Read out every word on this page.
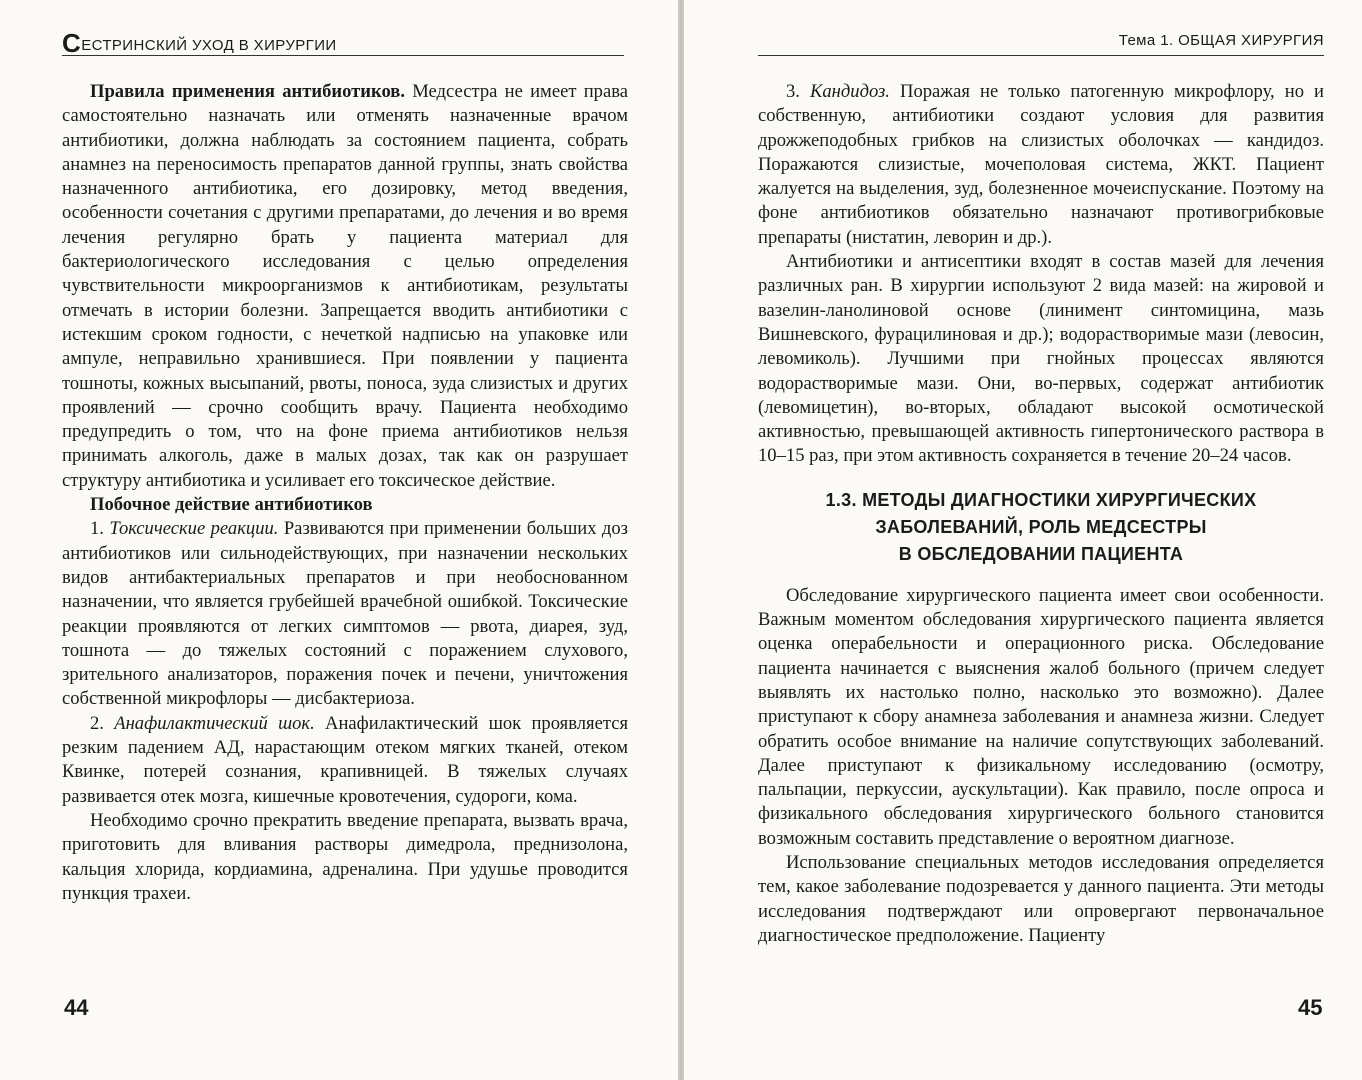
СЕСТРИНСКИЙ УХОД В ХИРУРГИИ

Правила применения антибиотиков. Медсестра не имеет права самостоятельно назначать или отменять назначенные врачом антибиотики, должна наблюдать за состоянием пациента, собрать анамнез на переносимость препаратов данной группы, знать свойства назначенного антибиотика, его дозировку, метод введения, особенности сочетания с другими препаратами, до лечения и во время лечения регулярно брать у пациента материал для бактериологического исследования с целью определения чувствительности микроорганизмов к антибиотикам, результаты отмечать в истории болезни. Запрещается вводить антибиотики с истекшим сроком годности, с нечеткой надписью на упаковке или ампуле, неправильно хранившиеся. При появлении у пациента тошноты, кожных высыпаний, рвоты, поноса, зуда слизистых и других проявлений — срочно сообщить врачу. Пациента необходимо предупредить о том, что на фоне приема антибиотиков нельзя принимать алкоголь, даже в малых дозах, так как он разрушает структуру антибиотика и усиливает его токсическое действие.

Побочное действие антибиотиков

1. Токсические реакции. Развиваются при применении больших доз антибиотиков или сильнодействующих, при назначении нескольких видов антибактериальных препаратов и при необоснованном назначении, что является грубейшей врачебной ошибкой. Токсические реакции проявляются от легких симптомов — рвота, диарея, зуд, тошнота — до тяжелых состояний с поражением слухового, зрительного анализаторов, поражения почек и печени, уничтожения собственной микрофлоры — дисбактериоза.

2. Анафилактический шок. Анафилактический шок проявляется резким падением АД, нарастающим отеком мягких тканей, отеком Квинке, потерей сознания, крапивницей. В тяжелых случаях развивается отек мозга, кишечные кровотечения, судороги, кома.

Необходимо срочно прекратить введение препарата, вызвать врача, приготовить для вливания растворы димедрола, преднизолона, кальция хлорида, кордиамина, адреналина. При удушье проводится пункция трахеи.

44
Тема 1. ОБЩАЯ ХИРУРГИЯ

3. Кандидоз. Поражая не только патогенную микрофлору, но и собственную, антибиотики создают условия для развития дрожжеподобных грибков на слизистых оболочках — кандидоз. Поражаются слизистые, мочеполовая система, ЖКТ. Пациент жалуется на выделения, зуд, болезненное мочеиспускание. Поэтому на фоне антибиотиков обязательно назначают противогрибковые препараты (нистатин, леворин и др.).

Антибиотики и антисептики входят в состав мазей для лечения различных ран. В хирургии используют 2 вида мазей: на жировой и вазелин-ланолиновой основе (линимент синтомицина, мазь Вишневского, фурацилиновая и др.); водорастворимые мази (левосин, левомиколь). Лучшими при гнойных процессах являются водорастворимые мази. Они, во-первых, содержат антибиотик (левомицетин), во-вторых, обладают высокой осмотической активностью, превышающей активность гипертонического раствора в 10–15 раз, при этом активность сохраняется в течение 20–24 часов.

1.3. МЕТОДЫ ДИАГНОСТИКИ ХИРУРГИЧЕСКИХ
ЗАБОЛЕВАНИЙ, РОЛЬ МЕДСЕСТРЫ
В ОБСЛЕДОВАНИИ ПАЦИЕНТА

Обследование хирургического пациента имеет свои особенности. Важным моментом обследования хирургического пациента является оценка операбельности и операционного риска. Обследование пациента начинается с выяснения жалоб больного (причем следует выявлять их настолько полно, насколько это возможно). Далее приступают к сбору анамнеза заболевания и анамнеза жизни. Следует обратить особое внимание на наличие сопутствующих заболеваний. Далее приступают к физикальному исследованию (осмотру, пальпации, перкуссии, аускультации). Как правило, после опроса и физикального обследования хирургического больного становится возможным составить представление о вероятном диагнозе.

Использование специальных методов исследования определяется тем, какое заболевание подозревается у данного пациента. Эти методы исследования подтверждают или опровергают первоначальное диагностическое предположение. Пациенту

45
